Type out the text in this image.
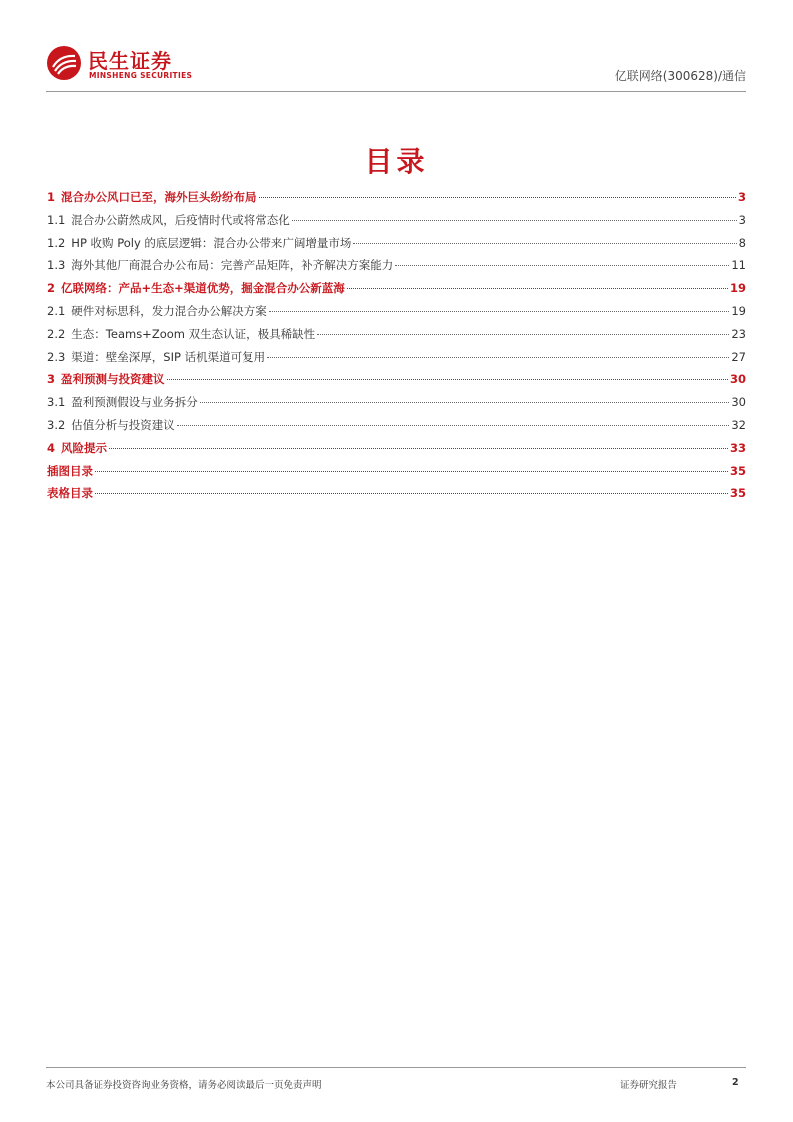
民生证券
MINSHENG SECURITIES	亿联网络(300628)/通信
目录
1 混合办公风口已至，海外巨头纷纷布局	3
1.1 混合办公蔚然成风，后疫情时代或将常态化	3
1.2 HP 收购 Poly 的底层逻辑：混合办公带来广阔增量市场	8
1.3 海外其他厂商混合办公布局：完善产品矩阵，补齐解决方案能力	11
2 亿联网络：产品+生态+渠道优势，掘金混合办公新蓝海	19
2.1 硬件对标思科，发力混合办公解决方案	19
2.2 生态：Teams+Zoom 双生态认证，极具稀缺性	23
2.3 渠道：壁垒深厚，SIP 话机渠道可复用	27
3 盈利预测与投资建议	30
3.1 盈利预测假设与业务拆分	30
3.2 估值分析与投资建议	32
4 风险提示	33
插图目录	35
表格目录	35
本公司具备证券投资咨询业务资格，请务必阅读最后一页免责声明	证券研究报告	2
